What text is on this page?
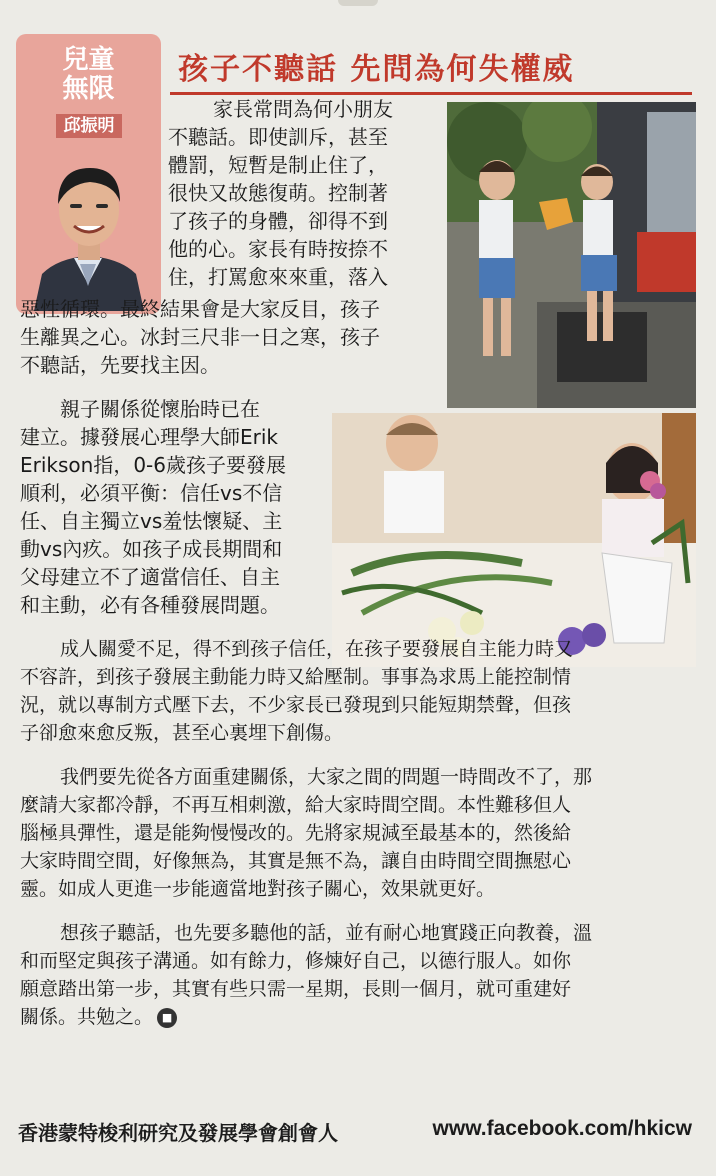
兒童
無限
邱振明
孩子不聽話 先問為何失權威
家長常問為何小朋友
不聽話。即使訓斥，甚至
體罰，短暫是制止住了，
很快又故態復萌。控制著
了孩子的身體，卻得不到
他的心。家長有時按捺不
住，打罵愈來來重，落入
惡性循環。最終結果會是大家反目，孩子
生離異之心。冰封三尺非一日之寒，孩子
不聽話，先要找主因。
親子關係從懷胎時已在
建立。據發展心理學大師Erik
Erikson指，0-6歲孩子要發展
順利，必須平衡：信任vs不信
任、自主獨立vs羞怯懷疑、主
動vs內疚。如孩子成長期間和
父母建立不了適當信任、自主
和主動，必有各種發展問題。
成人關愛不足，得不到孩子信任，在孩子要發展自主能力時又
不容許，到孩子發展主動能力時又給壓制。事事為求馬上能控制情
況，就以專制方式壓下去，不少家長已發現到只能短期禁聲，但孩
子卻愈來愈反叛，甚至心裏埋下創傷。
我們要先從各方面重建關係，大家之間的問題一時間改不了，那
麼請大家都冷靜，不再互相刺激，給大家時間空間。本性難移但人
腦極具彈性，還是能夠慢慢改的。先將家規減至最基本的，然後給
大家時間空間，好像無為，其實是無不為，讓自由時間空間撫慰心
靈。如成人更進一步能適當地對孩子關心，效果就更好。
想孩子聽話，也先要多聽他的話，並有耐心地實踐正向教養，溫
和而堅定與孩子溝通。如有餘力，修煉好自己，以德行服人。如你
願意踏出第一步，其實有些只需一星期，長則一個月，就可重建好
關係。共勉之。 ■
香港蒙特梭利研究及發展學會創會人	www.facebook.com/hkicw
